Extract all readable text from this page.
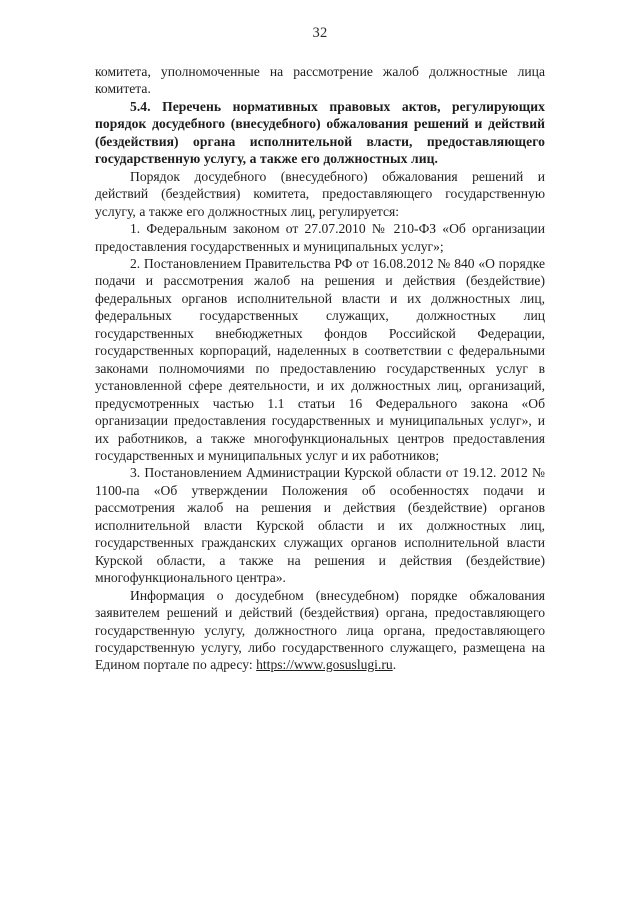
32

комитета, уполномоченные на рассмотрение жалоб должностные лица комитета.

5.4. Перечень нормативных правовых актов, регулирующих порядок досудебного (внесудебного) обжалования решений и действий (бездействия) органа исполнительной власти, предоставляющего государственную услугу, а также его должностных лиц.

Порядок досудебного (внесудебного) обжалования решений и действий (бездействия) комитета, предоставляющего государственную услугу, а также его должностных лиц, регулируется:

1. Федеральным законом от 27.07.2010 № 210-ФЗ «Об организации предоставления государственных и муниципальных услуг»;

2. Постановлением Правительства РФ от 16.08.2012 № 840 «О порядке подачи и рассмотрения жалоб на решения и действия (бездействие) федеральных органов исполнительной власти и их должностных лиц, федеральных государственных служащих, должностных лиц государственных внебюджетных фондов Российской Федерации, государственных корпораций, наделенных в соответствии с федеральными законами полномочиями по предоставлению государственных услуг в установленной сфере деятельности, и их должностных лиц, организаций, предусмотренных частью 1.1 статьи 16 Федерального закона «Об организации предоставления государственных и муниципальных услуг», и их работников, а также многофункциональных центров предоставления государственных и муниципальных услуг и их работников;

3. Постановлением Администрации Курской области от 19.12. 2012 № 1100-па «Об утверждении Положения об особенностях подачи и рассмотрения жалоб на решения и действия (бездействие) органов исполнительной власти Курской области и их должностных лиц, государственных гражданских служащих органов исполнительной власти Курской области, а также на решения и действия (бездействие) многофункционального центра».

Информация о досудебном (внесудебном) порядке обжалования заявителем решений и действий (бездействия) органа, предоставляющего государственную услугу, должностного лица органа, предоставляющего государственную услугу, либо государственного служащего, размещена на Едином портале по адресу: https://www.gosuslugi.ru.
